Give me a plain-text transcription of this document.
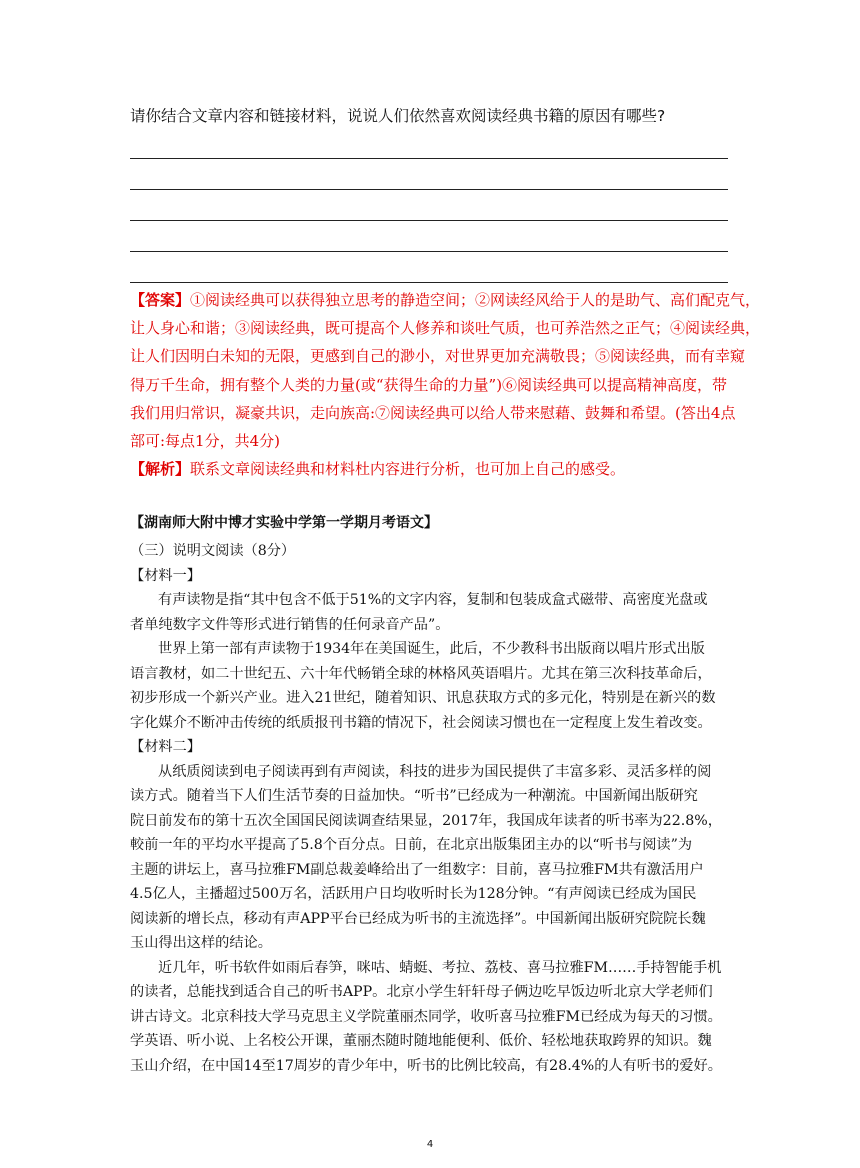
请你结合文章内容和链接材料，说说人们依然喜欢阅读经典书籍的原因有哪些?

【答案】①阅读经典可以获得独立思考的静造空间；②网读经风给于人的是助气、高们配克气，
让人身心和谐；③阅读经典，既可提高个人修养和谈吐气质，也可养浩然之正气；④阅读经典，
让人们因明白未知的无限，更感到自己的渺小，对世界更加充满敬畏；⑤阅读经典，而有幸窥
得万千生命，拥有整个人类的力量(或“获得生命的力量”)⑥阅读经典可以提高精神高度，带
我们用归常识，凝豪共识，走向族高:⑦阅读经典可以给人带来慰藉、鼓舞和希望。(答出4点
部可:每点1分，共4分)

【解析】联系文章阅读经典和材料杜内容进行分析，也可加上自己的感受。

【湖南师大附中博才实验中学第一学期月考语文】
（三）说明文阅读（8分）
【材料一】
有声读物是指“其中包含不低于51%的文字内容，复制和包装成盒式磁带、高密度光盘或
者单纯数字文件等形式进行销售的任何录音产品”。
世界上第一部有声读物于1934年在美国诞生，此后，不少教科书出版商以唱片形式出版
语言教材，如二十世纪五、六十年代畅销全球的林格风英语唱片。尤其在第三次科技革命后，
初步形成一个新兴产业。进入21世纪，随着知识、讯息获取方式的多元化，特别是在新兴的数
字化媒介不断冲击传统的纸质报刊书籍的情况下，社会阅读习惯也在一定程度上发生着改变。
【材料二】
从纸质阅读到电子阅读再到有声阅读，科技的进步为国民提供了丰富多彩、灵活多样的阅
读方式。随着当下人们生活节奏的日益加快。“听书”已经成为一种潮流。中国新闻出版研究
院日前发布的第十五次全国国民阅读调查结果显，2017年，我国成年读者的听书率为22.8%，
較前一年的平均水平提高了5.8个百分点。日前，在北京出版集团主办的以“听书与阅读”为
主题的讲坛上，喜马拉雅FM副总裁姜峰给出了一组数字：目前，喜马拉雅FM共有激活用户
4.5亿人，主播超过500万名，活跃用户日均收听时长为128分钟。“有声阅读已经成为国民
阅读新的增长点，移动有声APP平台已经成为听书的主流选择”。中国新闻出版研究院院长魏
玉山得出这样的结论。
近几年，听书软件如雨后春笋，咪咕、蜻蜓、考拉、荔枝、喜马拉雅FM……手持智能手机
的读者，总能找到适合自己的听书APP。北京小学生轩轩母子俩边吃早饭边听北京大学老师们
讲古诗文。北京科技大学马克思主义学院董丽杰同学，收听喜马拉雅FM已经成为每天的习惯。
学英语、听小说、上名校公开课，董丽杰随时随地能便利、低价、轻松地获取跨界的知识。魏
玉山介绍，在中国14至17周岁的青少年中，听书的比例比较高，有28.4%的人有听书的爱好。
4
